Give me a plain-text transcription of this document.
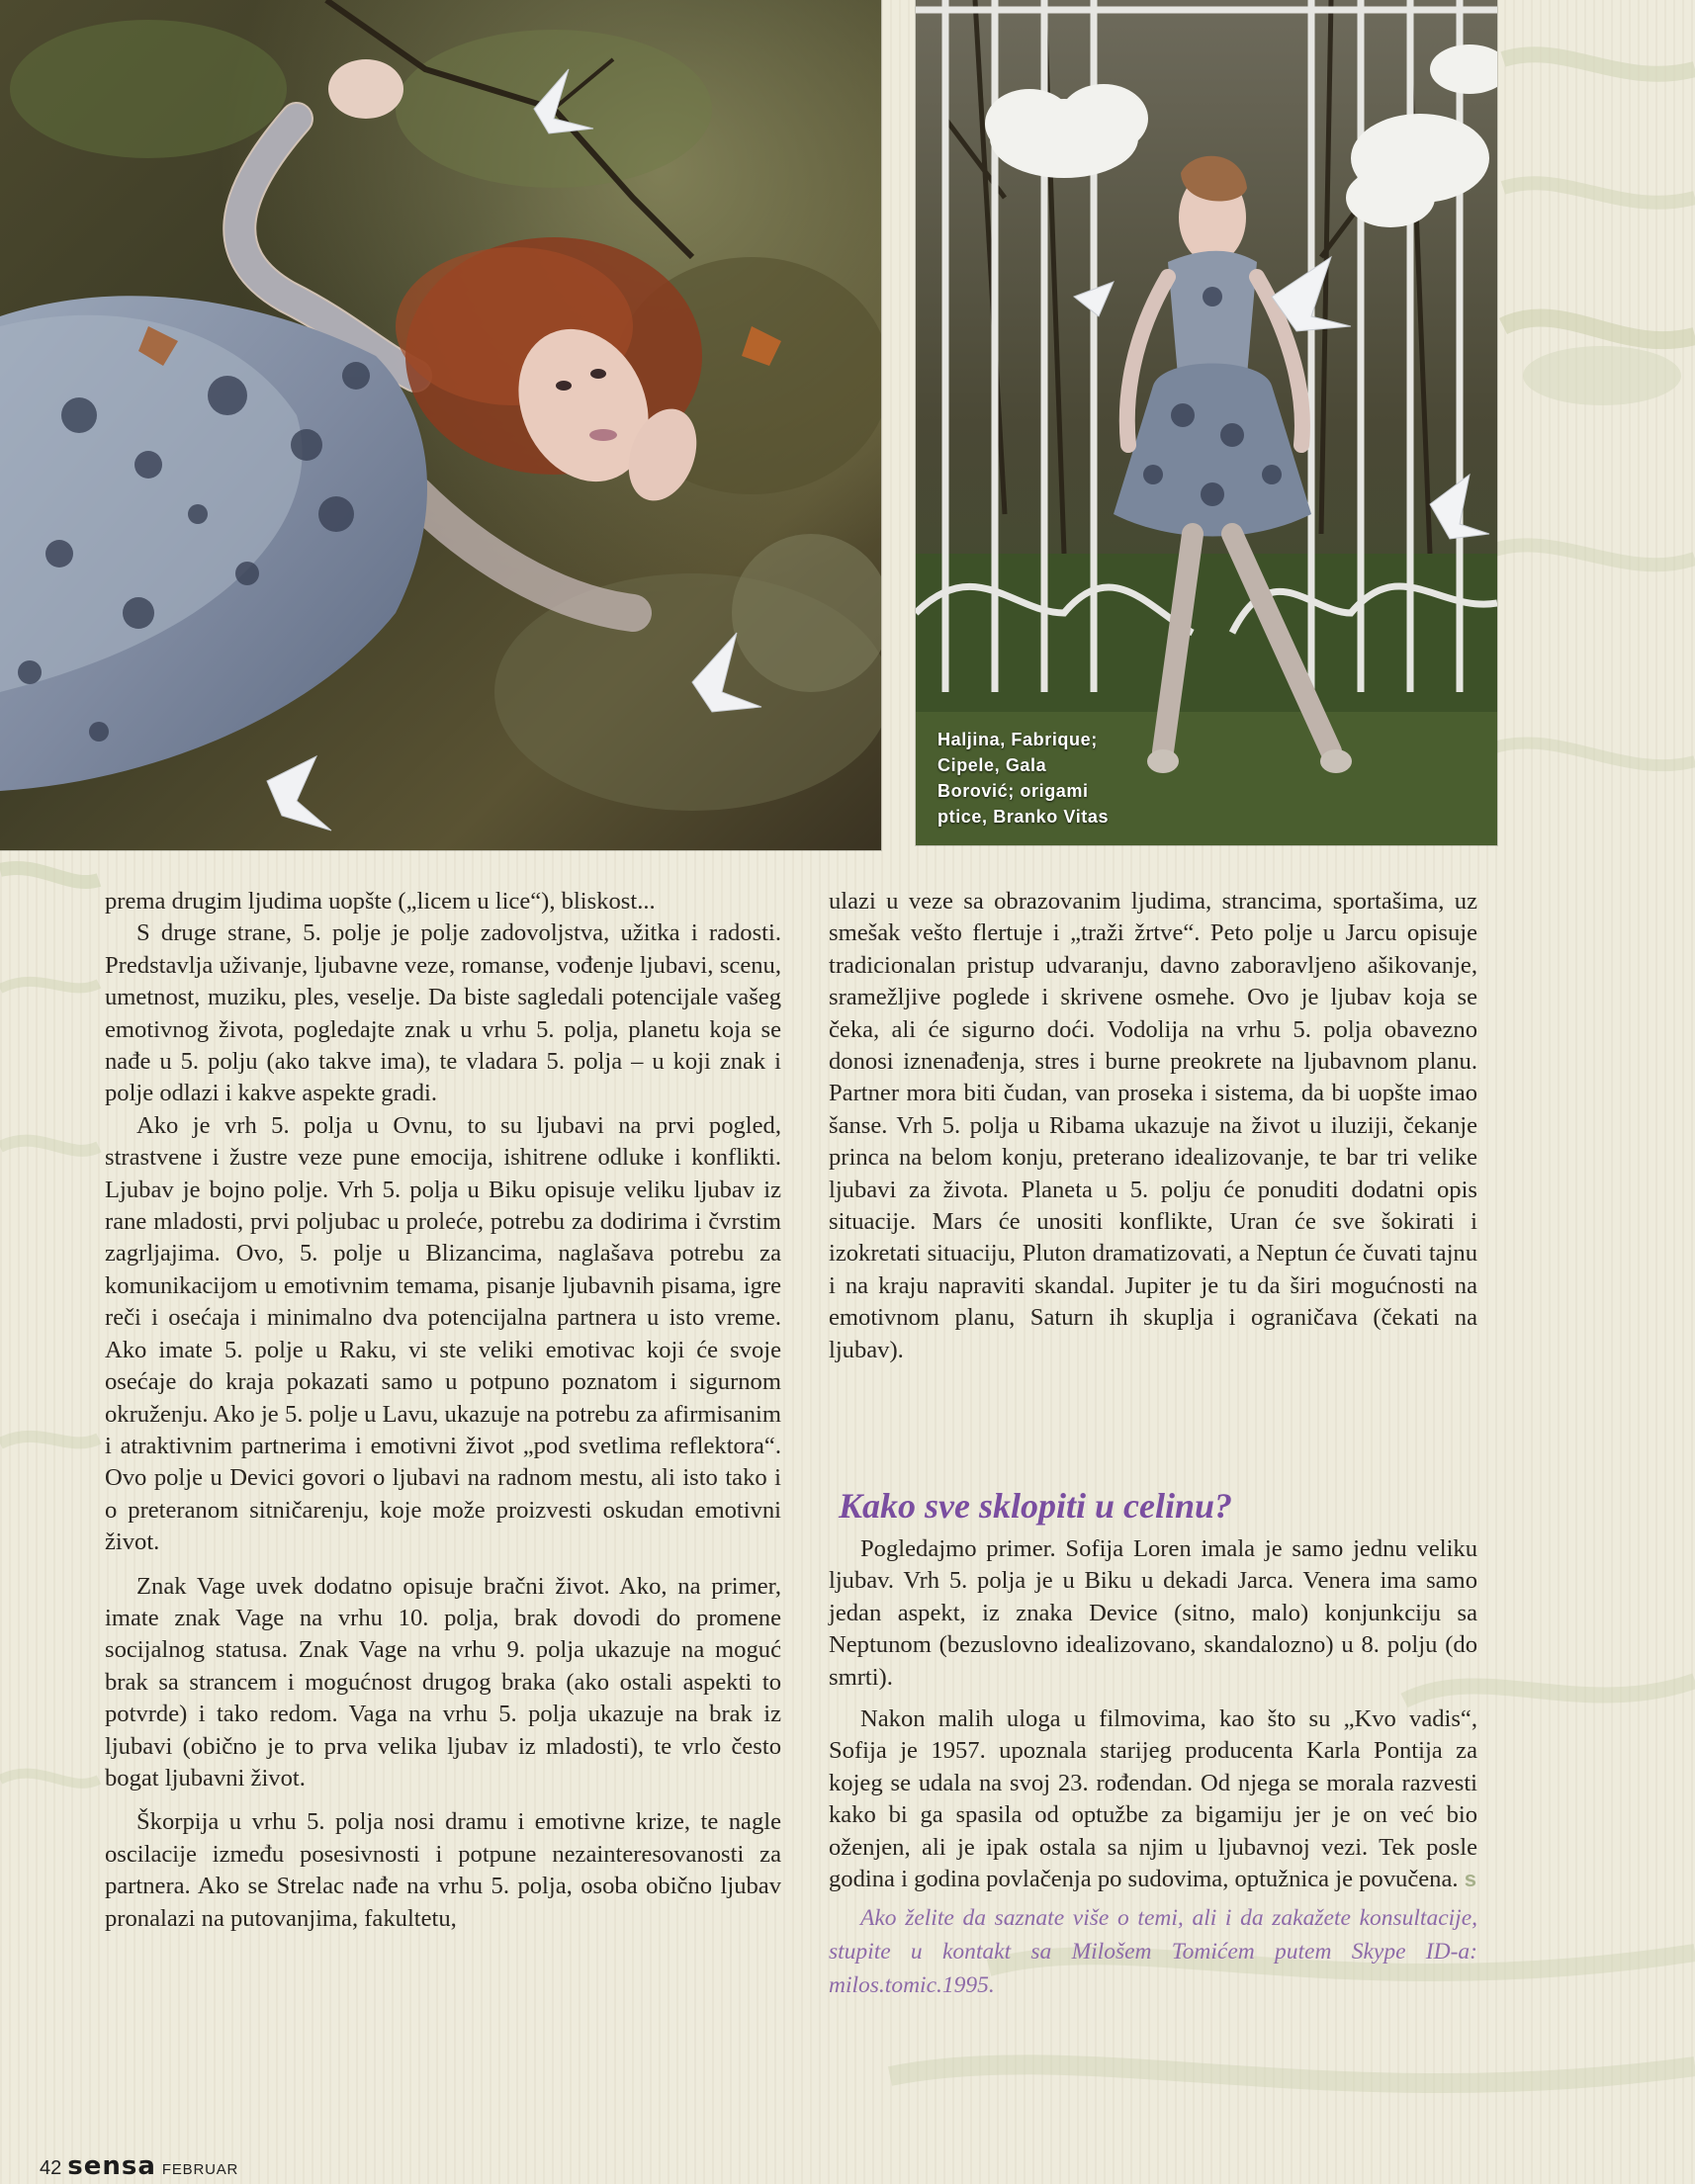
Haljina, Fabrique;
Cipele, Gala
Borović; origami
ptice, Branko Vitas

prema drugim ljudima uopšte („licem u lice“), bliskost...

S druge strane, 5. polje je polje zadovoljstva, užitka i radosti. Predstavlja uživanje, ljubavne veze, romanse, vođenje ljubavi, scenu, umetnost, muziku, ples, veselje. Da biste sagledali potencijale vašeg emotivnog života, pogledajte znak u vrhu 5. polja, planetu koja se nađe u 5. polju (ako takve ima), te vladara 5. polja – u koji znak i polje odlazi i kakve aspekte gradi.

Ako je vrh 5. polja u Ovnu, to su ljubavi na prvi pogled, strastvene i žustre veze pune emocija, ishitrene odluke i konflikti. Ljubav je bojno polje. Vrh 5. polja u Biku opisuje veliku ljubav iz rane mladosti, prvi poljubac u proleće, potrebu za dodirima i čvrstim zagrljajima. Ovo, 5. polje u Blizancima, naglašava potrebu za komunikacijom u emotivnim temama, pisanje ljubavnih pisama, igre reči i osećaja i minimalno dva potencijalna partnera u isto vreme. Ako imate 5. polje u Raku, vi ste veliki emotivac koji će svoje osećaje do kraja pokazati samo u potpuno poznatom i sigurnom okruženju. Ako je 5. polje u Lavu, ukazuje na potrebu za afirmisanim i atraktivnim partnerima i emotivni život „pod svetlima reflektora“. Ovo polje u Devici govori o ljubavi na radnom mestu, ali isto tako i o preteranom sitničarenju, koje može proizvesti oskudan emotivni život.

Znak Vage uvek dodatno opisuje bračni život. Ako, na primer, imate znak Vage na vrhu 10. polja, brak dovodi do promene socijalnog statusa. Znak Vage na vrhu 9. polja ukazuje na moguć brak sa strancem i mogućnost drugog braka (ako ostali aspekti to potvrde) i tako redom. Vaga na vrhu 5. polja ukazuje na brak iz ljubavi (obično je to prva velika ljubav iz mladosti), te vrlo često bogat ljubavni život.

Škorpija u vrhu 5. polja nosi dramu i emotivne krize, te nagle oscilacije između posesivnosti i potpune nezainteresovanosti za partnera. Ako se Strelac nađe na vrhu 5. polja, osoba obično ljubav pronalazi na putovanjima, fakultetu,

ulazi u veze sa obrazovanim ljudima, strancima, sportašima, uz smešak vešto flertuje i „traži žrtve“. Peto polje u Jarcu opisuje tradicionalan pristup udvaranju, davno zaboravljeno ašikovanje, sramežljive poglede i skrivene osmehe. Ovo je ljubav koja se čeka, ali će sigurno doći. Vodolija na vrhu 5. polja obavezno donosi iznenađenja, stres i burne preokrete na ljubavnom planu. Partner mora biti čudan, van proseka i sistema, da bi uopšte imao šanse. Vrh 5. polja u Ribama ukazuje na život u iluziji, čekanje princa na belom konju, preterano idealizovanje, te bar tri velike ljubavi za života. Planeta u 5. polju će ponuditi dodatni opis situacije. Mars će unositi konflikte, Uran će sve šokirati i izokretati situaciju, Pluton dramatizovati, a Neptun će čuvati tajnu i na kraju napraviti skandal. Jupiter je tu da širi mogućnosti na emotivnom planu, Saturn ih skuplja i ograničava (čekati na ljubav).

Kako sve sklopiti u celinu?

Pogledajmo primer. Sofija Loren imala je samo jednu veliku ljubav. Vrh 5. polja je u Biku u dekadi Jarca. Venera ima samo jedan aspekt, iz znaka Device (sitno, malo) konjunkciju sa Neptunom (bezuslovno idealizovano, skandalozno) u 8. polju (do smrti).

Nakon malih uloga u filmovima, kao što su „Kvo vadis“, Sofija je 1957. upoznala starijeg producenta Karla Pontija za kojeg se udala na svoj 23. rođendan. Od njega se morala razvesti kako bi ga spasila od optužbe za bigamiju jer je on već bio oženjen, ali je ipak ostala sa njim u ljubavnoj vezi. Tek posle godina i godina povlačenja po sudovima, optužnica je povučena. s

Ako želite da saznate više o temi, ali i da zakažete konsultacije, stupite u kontakt sa Milošem Tomićem putem Skype ID-a: milos.tomic.1995.

42 sensa FEBRUAR
